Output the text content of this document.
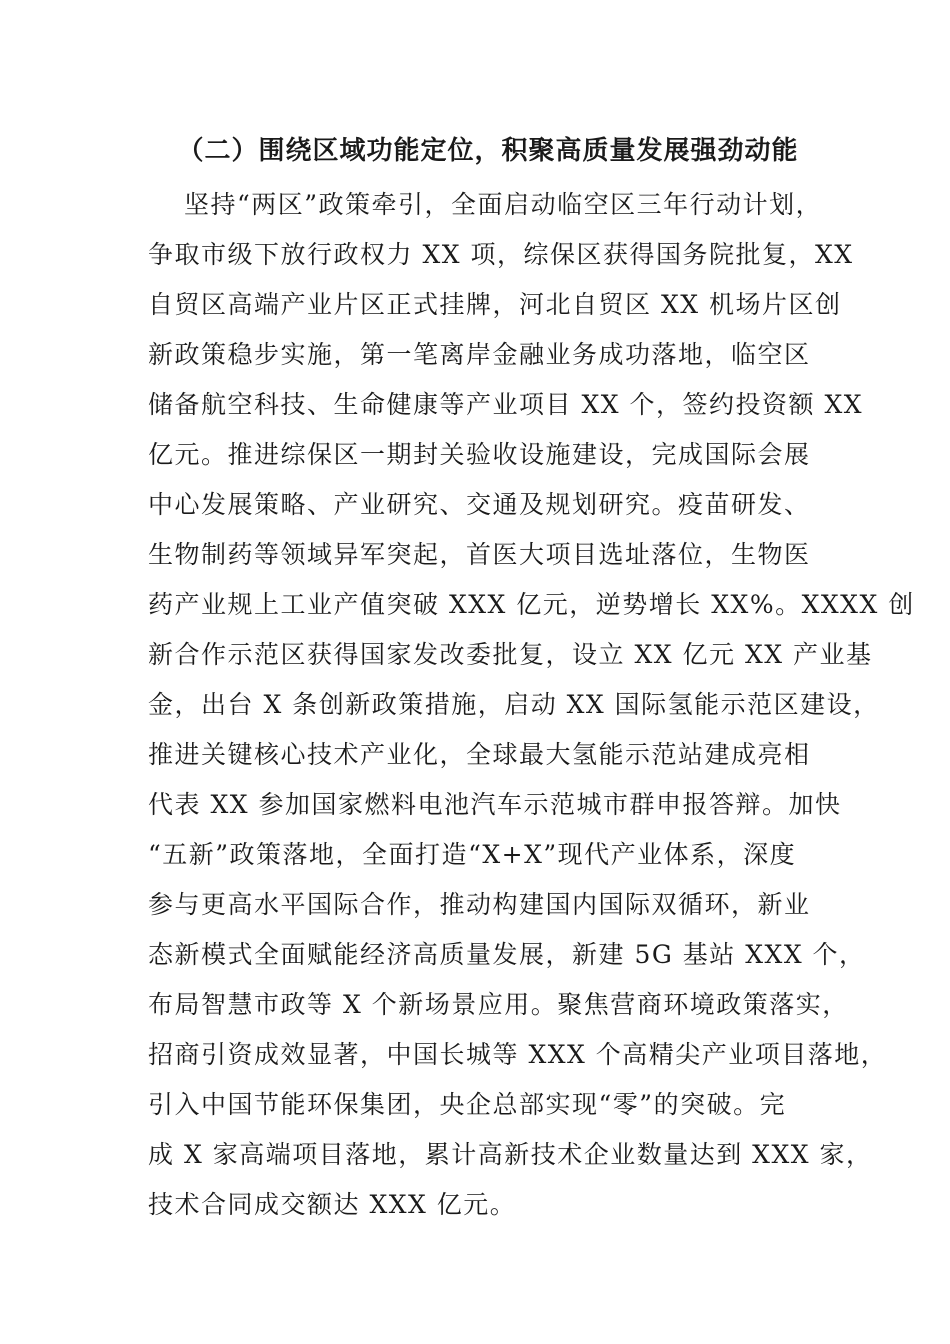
（二）围绕区域功能定位，积聚高质量发展强劲动能
坚持“两区”政策牵引，全面启动临空区三年行动计划，
争取市级下放行政权力 XX 项，综保区获得国务院批复，XX
自贸区高端产业片区正式挂牌，河北自贸区 XX 机场片区创
新政策稳步实施，第一笔离岸金融业务成功落地，临空区
储备航空科技、生命健康等产业项目 XX 个，签约投资额 XX
亿元。推进综保区一期封关验收设施建设，完成国际会展
中心发展策略、产业研究、交通及规划研究。疫苗研发、
生物制药等领域异军突起，首医大项目选址落位，生物医
药产业规上工业产值突破 XXX 亿元，逆势增长 XX%。XXXX 创
新合作示范区获得国家发改委批复，设立 XX 亿元 XX 产业基
金，出台 X 条创新政策措施，启动 XX 国际氢能示范区建设，
推进关键核心技术产业化，全球最大氢能示范站建成亮相
代表 XX 参加国家燃料电池汽车示范城市群申报答辩。加快
“五新”政策落地，全面打造“X+X”现代产业体系，深度
参与更高水平国际合作，推动构建国内国际双循环，新业
态新模式全面赋能经济高质量发展，新建 5G 基站 XXX 个，
布局智慧市政等 X 个新场景应用。聚焦营商环境政策落实，
招商引资成效显著，中国长城等 XXX 个高精尖产业项目落地，
引入中国节能环保集团，央企总部实现“零”的突破。完
成 X 家高端项目落地，累计高新技术企业数量达到 XXX 家，
技术合同成交额达 XXX 亿元。
